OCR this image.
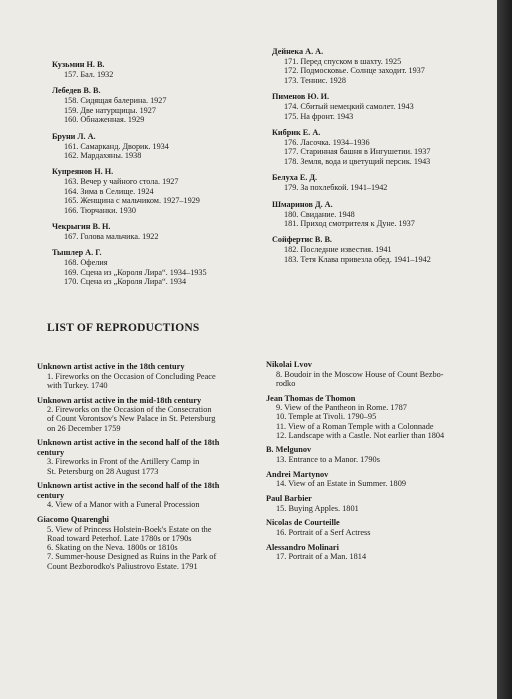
Кузьмин Н. В.
157. Бал. 1932
Лебедев В. В.
158. Сидящая балерина. 1927
159. Две натурщицы. 1927
160. Обнаженная. 1929
Бруни Л. А.
161. Самарканд. Дворик. 1934
162. Мардахяны. 1938
Купреянов Н. Н.
163. Вечер у чайного стола. 1927
164. Зима в Селище. 1924
165. Женщина с мальчиком. 1927–1929
166. Тюрчанки. 1930
Чекрыгин В. Н.
167. Голова мальчика. 1922
Тышлер А. Г.
168. Офелия
169. Сцена из „Короля Лира“. 1934–1935
170. Сцена из „Короля Лира“. 1934
Дейнека А. А.
171. Перед спуском в шахту. 1925
172. Подмосковье. Солнце заходит. 1937
173. Теннис. 1928
Пименов Ю. И.
174. Сбитый немецкий самолет. 1943
175. На фронт. 1943
Кибрик Е. А.
176. Ласочка. 1934–1936
177. Старинная башня в Ингушетии. 1937
178. Земля, вода и цветущий персик. 1943
Белуха Е. Д.
179. За похлебкой. 1941–1942
Шмаринов Д. А.
180. Свидание. 1948
181. Приход смотрителя к Дуне. 1937
Сойфертис В. В.
182. Последние известия. 1941
183. Тетя Клава привезла обед. 1941–1942
LIST OF REPRODUCTIONS
Unknown artist active in the 18th century
1. Fireworks on the Occasion of Concluding Peace
with Turkey. 1740
Unknown artist active in the mid-18th century
2. Fireworks on the Occasion of the Consecration
of Count Vorontsov's New Palace in St. Petersburg
on 26 December 1759
Unknown artist active in the second half of the 18th century
3. Fireworks in Front of the Artillery Camp in
St. Petersburg on 28 August 1773
Unknown artist active in the second half of the 18th century
4. View of a Manor with a Funeral Procession
Giacomo Quarenghi
5. View of Princess Holstein-Boek's Estate on the
Road toward Peterhof. Late 1780s or 1790s
6. Skating on the Neva. 1800s or 1810s
7. Summer-house Designed as Ruins in the Park of
Count Bezborodko's Paliustrovo Estate. 1791
Nikolai Lvov
8. Boudoir in the Moscow House of Count Bezbo-
rodko
Jean Thomas de Thomon
9. View of the Pantheon in Rome. 1787
10. Temple at Tivoli. 1790–95
11. View of a Roman Temple with a Colonnade
12. Landscape with a Castle. Not earlier than 1804
B. Melgunov
13. Entrance to a Manor. 1790s
Andrei Martynov
14. View of an Estate in Summer. 1809
Paul Barbier
15. Buying Apples. 1801
Nicolas de Courteille
16. Portrait of a Serf Actress
Alessandro Molinari
17. Portrait of a Man. 1814
